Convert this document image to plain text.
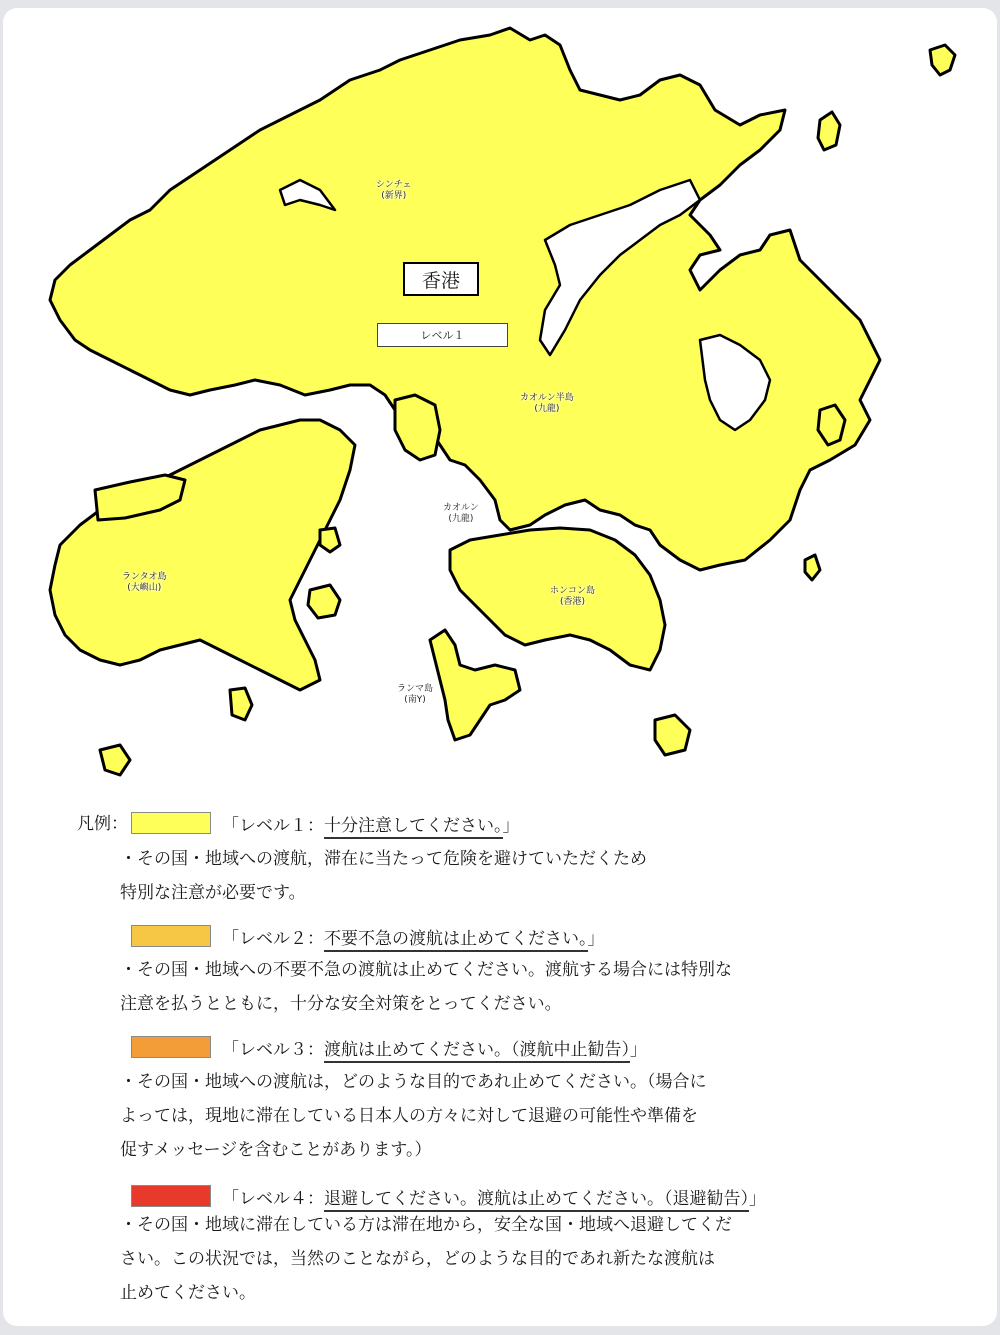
シンチェ
(新界)
カオルン半島
(九龍)
カオルン
(九龍)
ランタオ島
(大嶼山)	ホンコン島
(香港)
ランマ島
(南Y)
香港
レベル１
凡例：	「レベル１：十分注意してください。」
・その国・地域への渡航，滞在に当たって危険を避けていただくため
特別な注意が必要です。
「レベル２：不要不急の渡航は止めてください。」
・その国・地域への不要不急の渡航は止めてください。渡航する場合には特別な
注意を払うとともに，十分な安全対策をとってください。
「レベル３：渡航は止めてください。（渡航中止勧告）」
・その国・地域への渡航は，どのような目的であれ止めてください。（場合に
よっては，現地に滞在している日本人の方々に対して退避の可能性や準備を
促すメッセージを含むことがあります。）
「レベル４：退避してください。渡航は止めてください。（退避勧告）」
・その国・地域に滞在している方は滞在地から，安全な国・地域へ退避してくだ
さい。この状況では，当然のことながら，どのような目的であれ新たな渡航は
止めてください。
